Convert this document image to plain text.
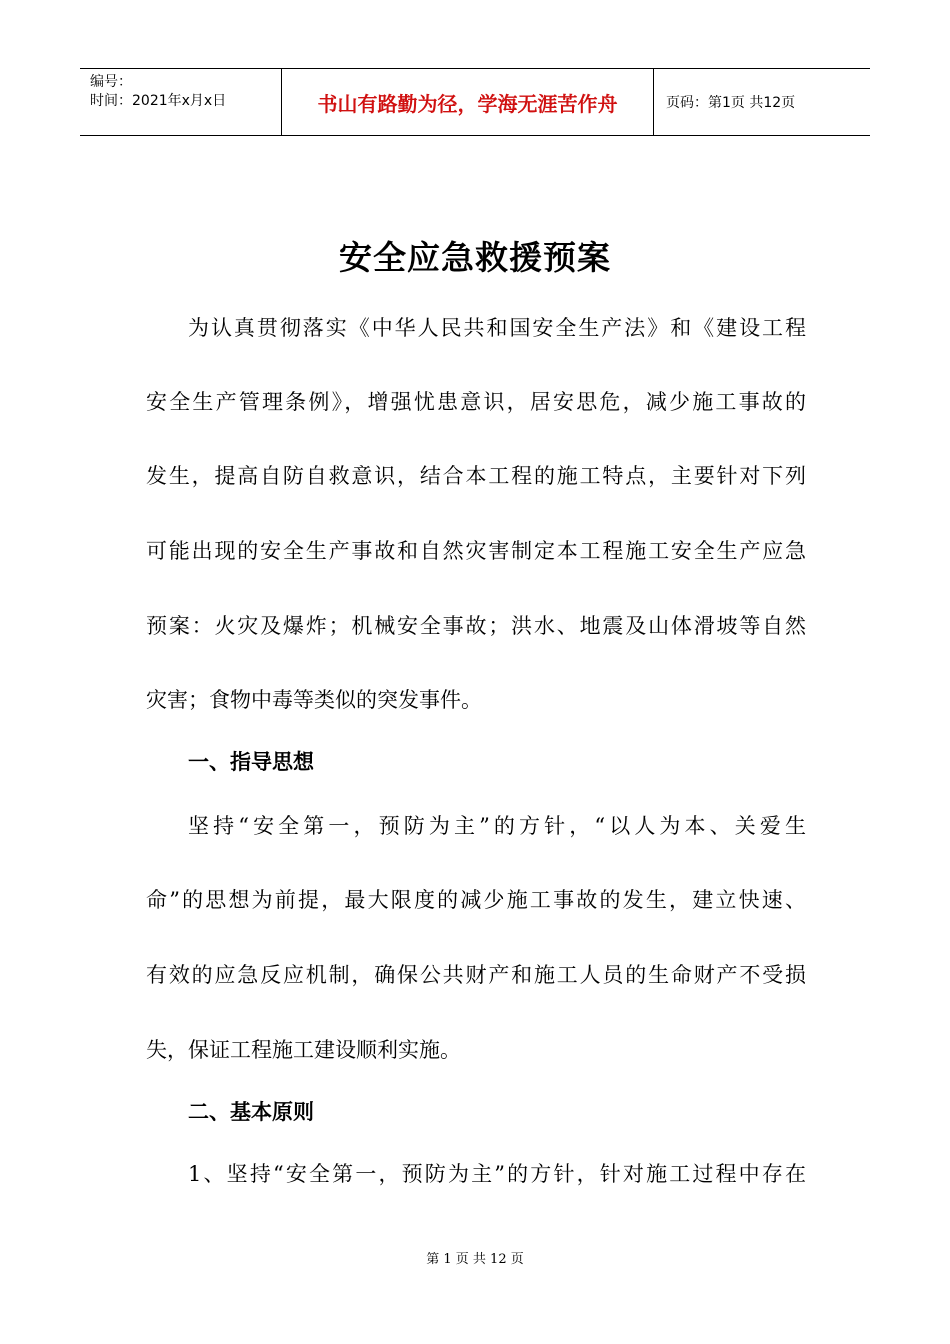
编号：
时间：2021年x月x日	书山有路勤为径，学海无涯苦作舟	页码：第1页 共12页
安全应急救援预案
为认真贯彻落实《中华人民共和国安全生产法》和《建设工程
安全生产管理条例》，增强忧患意识，居安思危，减少施工事故的
发生，提高自防自救意识，结合本工程的施工特点，主要针对下列
可能出现的安全生产事故和自然灾害制定本工程施工安全生产应急
预案：火灾及爆炸；机械安全事故；洪水、地震及山体滑坡等自然
灾害；食物中毒等类似的突发事件。
一、指导思想
坚持“安全第一，预防为主”的方针，“以人为本、关爱生
命”的思想为前提，最大限度的减少施工事故的发生，建立快速、
有效的应急反应机制，确保公共财产和施工人员的生命财产不受损
失，保证工程施工建设顺利实施。
二、基本原则
1、坚持“安全第一，预防为主”的方针，针对施工过程中存在
第 1 页 共 12 页
